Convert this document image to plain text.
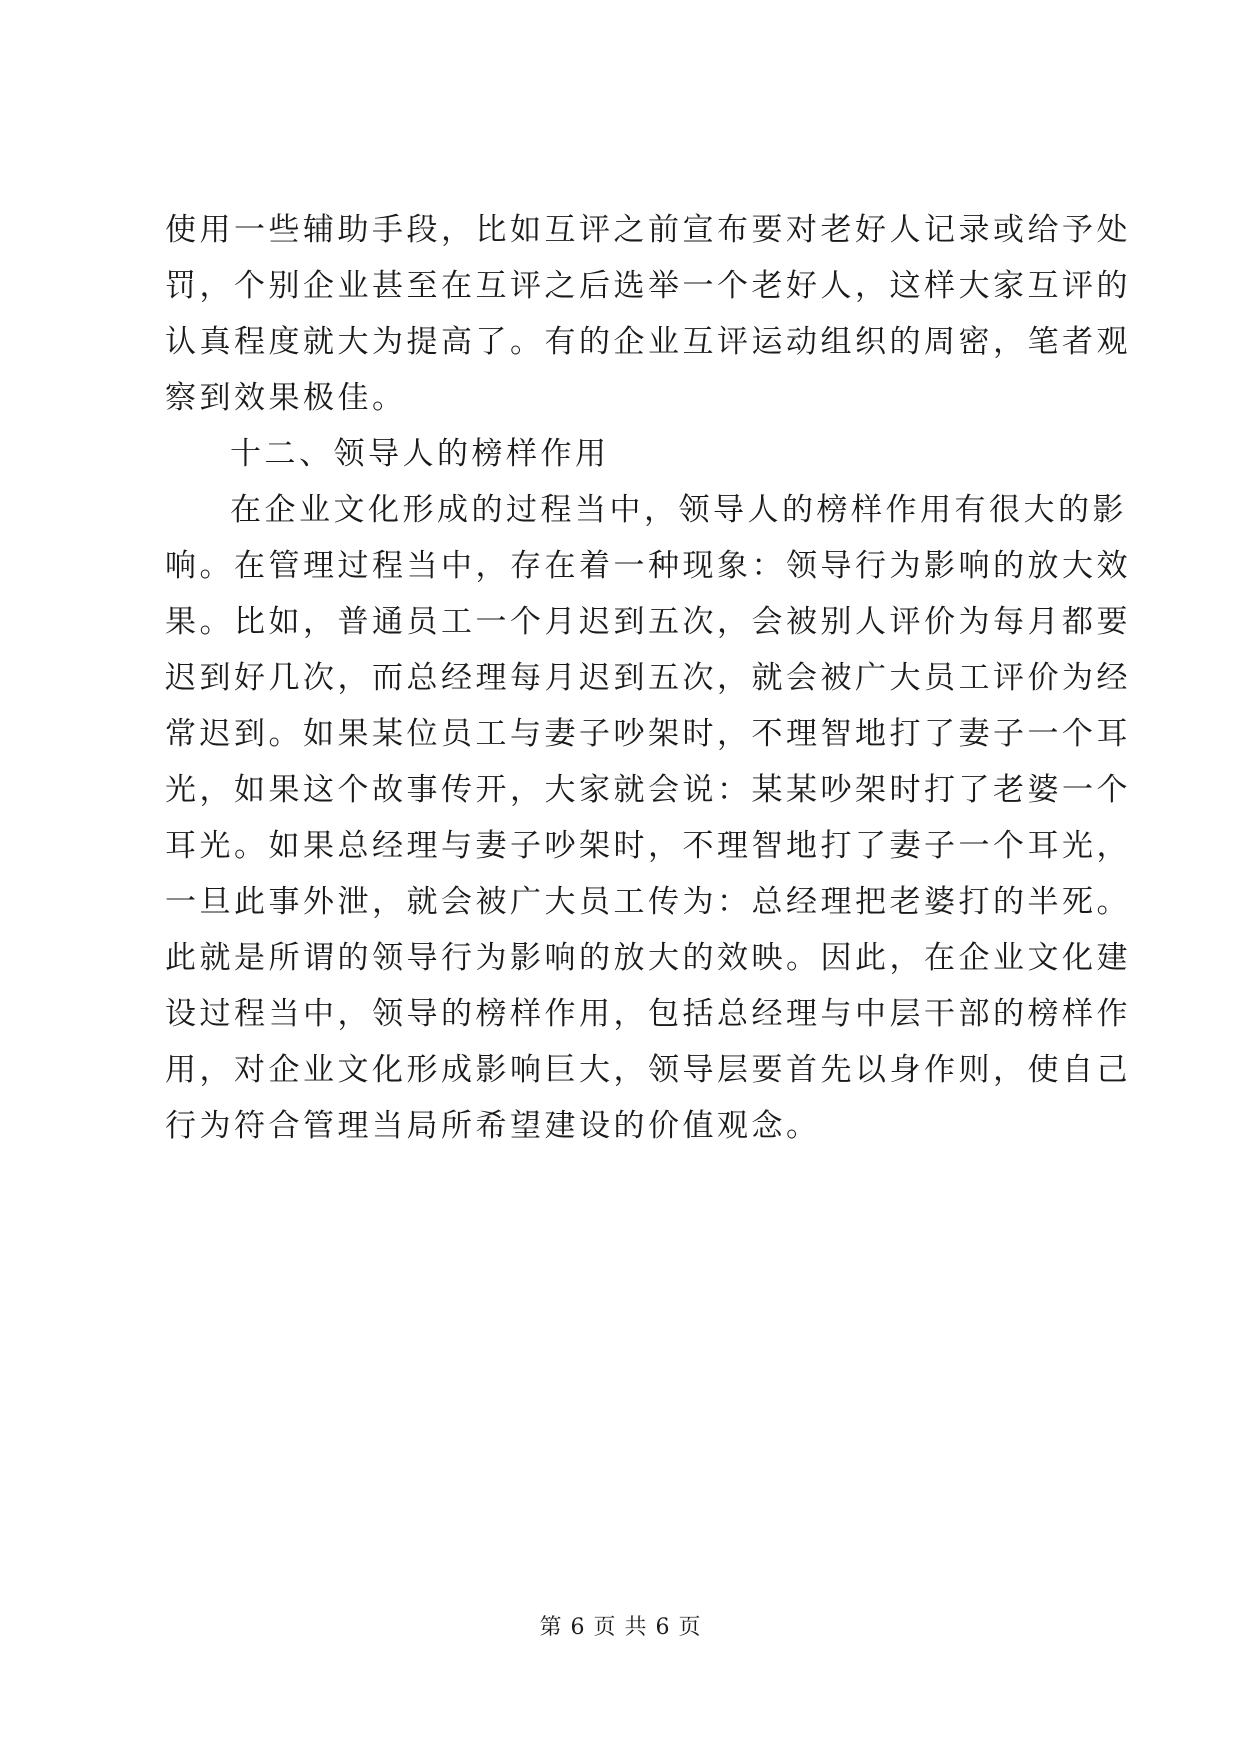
使用一些辅助手段，比如互评之前宣布要对老好人记录或给予处
罚，个别企业甚至在互评之后选举一个老好人，这样大家互评的
认真程度就大为提高了。有的企业互评运动组织的周密，笔者观
察到效果极佳。
十二、领导人的榜样作用
在企业文化形成的过程当中，领导人的榜样作用有很大的影
响。在管理过程当中，存在着一种现象：领导行为影响的放大效
果。比如，普通员工一个月迟到五次，会被别人评价为每月都要
迟到好几次，而总经理每月迟到五次，就会被广大员工评价为经
常迟到。如果某位员工与妻子吵架时，不理智地打了妻子一个耳
光，如果这个故事传开，大家就会说：某某吵架时打了老婆一个
耳光。如果总经理与妻子吵架时，不理智地打了妻子一个耳光，
一旦此事外泄，就会被广大员工传为：总经理把老婆打的半死。
此就是所谓的领导行为影响的放大的效映。因此，在企业文化建
设过程当中，领导的榜样作用，包括总经理与中层干部的榜样作
用，对企业文化形成影响巨大，领导层要首先以身作则，使自己
行为符合管理当局所希望建设的价值观念。
第 6 页 共 6 页
